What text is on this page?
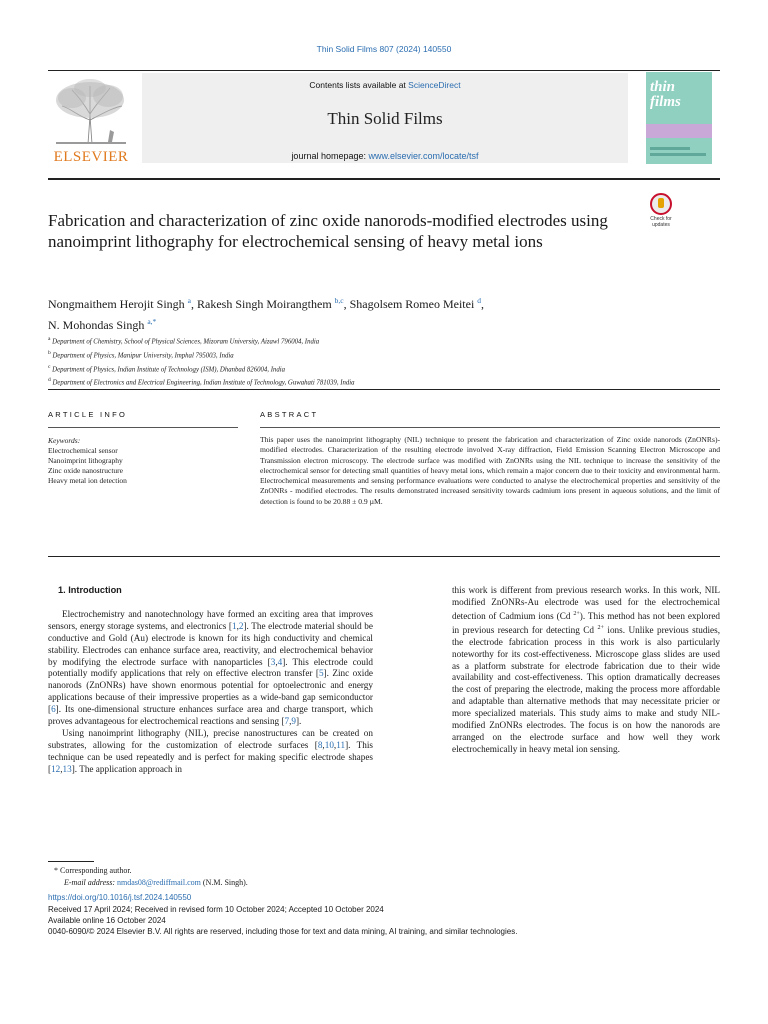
Thin Solid Films 807 (2024) 140550
ELSEVIER
Contents lists available at ScienceDirect
Thin Solid Films
journal homepage: www.elsevier.com/locate/tsf
thin
films
Check for
updates
Fabrication and characterization of zinc oxide nanorods-modified electrodes using nanoimprint lithography for electrochemical sensing of heavy metal ions
Nongmaithem Herojit Singh $^a$, Rakesh Singh Moirangthem $^{b,c}$, Shagolsem Romeo Meitei $^d$,
N. Mohondas Singh $^{a,*}$
$^a$ Department of Chemistry, School of Physical Sciences, Mizoram University, Aizawl 796004, India
$^b$ Department of Physics, Manipur University, Imphal 795003, India
$^c$ Department of Physics, Indian Institute of Technology (ISM), Dhanbad 826004, India
$^d$ Department of Electronics and Electrical Engineering, Indian Institute of Technology, Guwahati 781039, India
ARTICLE INFO	ABSTRACT
Keywords:
Electrochemical sensor
Nanoimprint lithography
Zinc oxide nanostructure
Heavy metal ion detection

This paper uses the nanoimprint lithography (NIL) technique to present the fabrication and characterization of Zinc oxide nanorods (ZnONRs)-modified electrodes. Characterization of the resulting electrode involved X-ray diffraction, Field Emission Scanning Electron Microscope and Transmission electron microscopy. The electrode surface was modified with ZnONRs using the NIL technique to increase the sensitivity of the electrochemical sensor for detecting small quantities of heavy metal ions, which remain a major concern due to their toxicity and environmental harm. Electrochemical measurements and sensing performance evaluations were conducted to analyse the electrochemical properties and sensitivity of the ZnONRs - modified electrodes. The results demonstrated increased sensitivity towards cadmium ions present in aqueous solutions, and the limit of detection is found to be 20.88 ± 0.9 µM.

1. Introduction

Electrochemistry and nanotechnology have formed an exciting area that improves sensors, energy storage systems, and electronics [1,2]. The electrode material should be conductive and Gold (Au) electrode is known for its high conductivity and chemical stability. Electrodes can enhance surface area, reactivity, and electrochemical behavior by modifying the electrode surface with nanoparticles [3,4]. This electrode could potentially modify applications that rely on effective electron transfer [5]. Zinc oxide nanorods (ZnONRs) have shown enormous potential for optoelectronic and energy applications because of their impressive properties as a wide-band gap semiconductor [6]. Its one-dimensional structure enhances surface area and charge transport, which proves advantageous for electrochemical reactions and sensing [7,9].

Using nanoimprint lithography (NIL), precise nanostructures can be created on substrates, allowing for the customization of electrode surfaces [8,10,11]. This technique can be used repeatedly and is perfect for making specific electrode shapes [12,13]. The application approach in

this work is different from previous research works. In this work, NIL modified ZnONRs-Au electrode was used for the electrochemical detection of Cadmium ions (Cd $^{2+}$). This method has not been explored in previous research for detecting Cd $^{2+}$ ions. Unlike previous studies, the electrode fabrication process in this work is also particularly noteworthy for its cost-effectiveness. Microscope glass slides are used as a platform substrate for electrode fabrication due to their wide availability and cost-effectiveness. This option dramatically decreases the cost of preparing the electrode, making the process more affordable and adaptable than alternative methods that may necessitate pricier or more specialized materials. This study aims to make and study NIL- modified ZnONRs electrodes. The focus is on how the nanorods are arranged on the electrode surface and how well they work electrochemically in heavy metal ion sensing.

* Corresponding author.
E-mail address: nmdas08@rediffmail.com (N.M. Singh).
https://doi.org/10.1016/j.tsf.2024.140550
Received 17 April 2024; Received in revised form 10 October 2024; Accepted 10 October 2024
Available online 16 October 2024
0040-6090/© 2024 Elsevier B.V. All rights are reserved, including those for text and data mining, AI training, and similar technologies.
